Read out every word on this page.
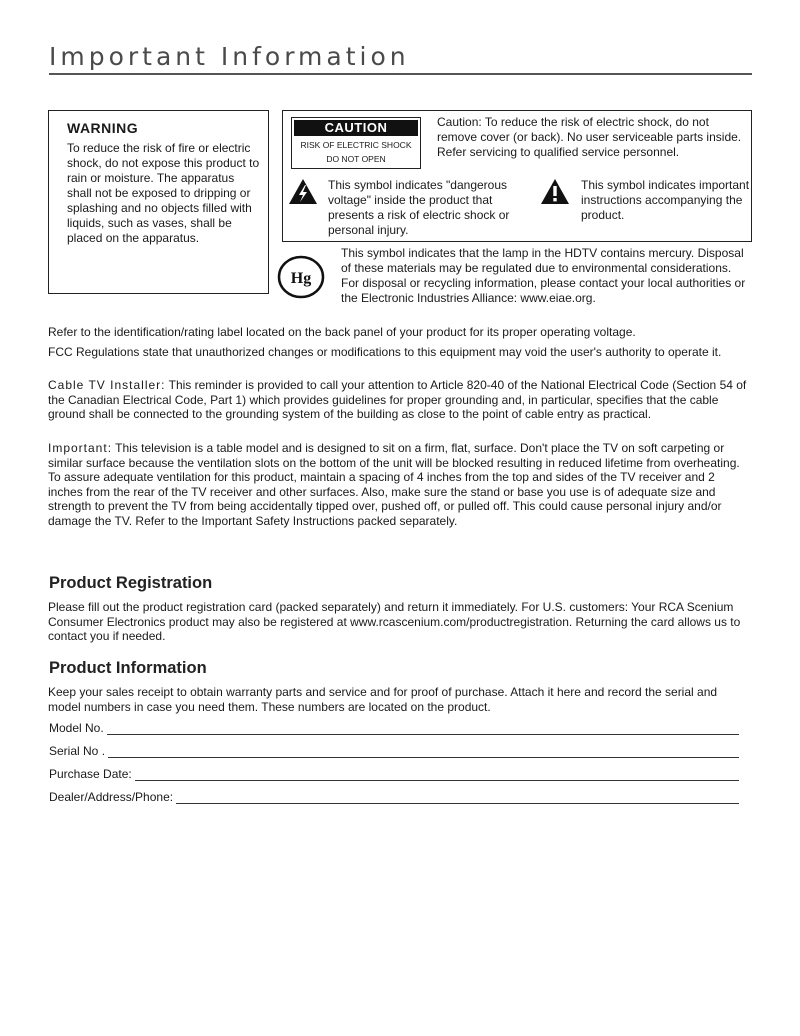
Important Information
WARNING
To reduce the risk of fire or electric shock, do not expose this product to rain or moisture. The apparatus shall not be exposed to dripping or splashing and no objects filled with liquids, such as vases, shall be placed on the apparatus.
CAUTION
RISK OF ELECTRIC SHOCK
DO NOT OPEN
Caution: To reduce the risk of electric shock, do not remove cover (or back). No user serviceable parts inside. Refer servicing to qualified service personnel.
This symbol indicates "dangerous voltage" inside the product that presents a risk of electric shock or personal injury.
This symbol indicates important instructions accompanying the product.
Hg
This symbol indicates that the lamp in the HDTV contains mercury. Disposal of these materials may be regulated due to environmental considerations. For disposal or recycling information, please contact your local authorities or the Electronic Industries Alliance: www.eiae.org.
Refer to the identification/rating label located on the back panel of your product for its proper operating voltage.
FCC Regulations state that unauthorized changes or modifications to this equipment may void the user's authority to operate it.
Cable TV Installer: This reminder is provided to call your attention to Article 820-40 of the National Electrical Code (Section 54 of the Canadian Electrical Code, Part 1) which provides guidelines for proper grounding and, in particular, specifies that the cable ground shall be connected to the grounding system of the building as close to the point of cable entry as practical.
Important: This television is a table model and is designed to sit on a firm, flat, surface. Don't place the TV on soft carpeting or similar surface because the ventilation slots on the bottom of the unit will be blocked resulting in reduced lifetime from overheating. To assure adequate ventilation for this product, maintain a spacing of 4 inches from the top and sides of the TV receiver and 2 inches from the rear of the TV receiver and other surfaces. Also, make sure the stand or base you use is of adequate size and strength to prevent the TV from being accidentally tipped over, pushed off, or pulled off. This could cause personal injury and/or damage the TV. Refer to the Important Safety Instructions packed separately.
Product Registration
Please fill out the product registration card (packed separately) and return it immediately. For U.S. customers: Your RCA Scenium Consumer Electronics product may also be registered at www.rcascenium.com/productregistration. Returning the card allows us to contact you if needed.
Product Information
Keep your sales receipt to obtain warranty parts and service and for proof of purchase. Attach it here and record the serial and model numbers in case you need them. These numbers are located on the product.
Model No.
Serial No .
Purchase Date:
Dealer/Address/Phone:
